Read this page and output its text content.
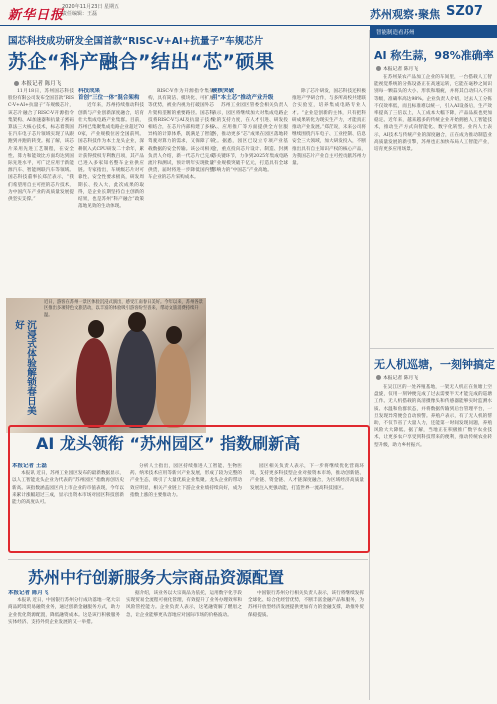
新华日报
2020年11月23日 星期五
责任编辑：王磊	苏州观察·聚焦 SZ07
国芯科技成功研发全国首款“RISC-V+AI+抗量子”车规芯片
苏企“科产融合”结出“芯”硕果
本报记者 陈月飞

11月18日，苏州国芯科技股份有限公司发布全国首款“RISC-V+AI+抗量子”车规级芯片，该芯片融合了RISC-V开源指令集架构、AI加速器和抗量子密码算法三大核心技术，标志着我国在汽车电子芯片领域实现了从跟跑到并跑的转变。据了解，该芯片采用先进工艺制程，在安全性、算力和能效比方面均达到国际先进水平，可广泛应用于新能源汽车、智能网联汽车等领域。国芯科技董事长郑茳表示，“我们希望用自主可控的芯片技术，为中国汽车产业的高质量发展提供坚实支撑。”

科技成果

首创“三位一体”混合架构

近年来，苏州持续推动科技创新与产业创新深度融合，培育壮大集成电路产业集群。目前，苏州已集聚集成电路企业超过700家，产业规模位居全国前列。国芯科技作为本土龙头企业，深耕嵌入式CPU研发二十余年，累计获得授权专利数百项，其产品已进入多家知名整车企业供应链。专家指出，车规级芯片对可靠性、安全性要求极高，研发周期长、投入大，此次成果的取得，是企业长期坚持自主创新的结果，也是苏州“科产融合”政策落地见效的生动体现。

RISC-V作为开源指令集架构，具有简洁、模块化、可扩展等优势，被业内视为打破国外芯片架构垄断的重要路径。国芯科技将RISC-V与AI及抗量子技术相结合，在芯片内部构建了多核异构的计算体系，既满足了智能驾驶对算力的需求，又保障了车载数据的安全传输。该公司相关负责人介绍，新一代芯片已完成流片和测试，预计明年实现批量供货，届时将进一步降低国内整车企业的芯片采购成本。

硬核突破

用“本土芯”推动产业升级

苏州工业园区管委会相关负责人表示，园区将继续加大对集成电路企业的支持力度，在人才引进、研发投入、应用推广等方面提供全方位服务，推动更多“芯”成果在园区落地转化。据悉，园区已设立专项产业基金，重点投向芯片设计、制造、封测等关键环节，力争到2025年集成电路产业规模突破千亿元，打造具有全球影响力的“中国芯”产业高地。

除了芯片研发，国芯科技还积极推进产学研合作，与多所高校共建联合实验室，培养集成电路专业人才。“企业是创新的主体，只有把科研成果转化为现实生产力，才能真正推动产业发展。”郑茳说，未来公司将继续围绕汽车电子、工业控制、信息安全三大领域，加大研发投入，不断推出具有自主知识产权的核心产品，为我国芯片产业自主可控贡献苏州力量。

沉浸式体验解锁春日美好
近日，游客在苏州一景区体验沉浸式演出，感受江南春日美好。今年以来，苏州各景区推出多项特色文旅活动，以丰富的体验吸引游客纷至沓来，带动文旅消费持续升温。
智能制造看苏州
AI 称生蒜，98%准确率
本报记者 陈月飞

在苏州某农产品加工企业的车间里，一台搭载人工智能视觉系统的分拣设备正在高速运转，它能在毫秒之间识别每一颗蒜头的大小、形状和瑕疵，并将其自动归入不同等级，准确率高达98%。企业负责人介绍，过去人工分拣不仅效率低，而且标准难以统一，引入AI设备后，生产效率提高了三倍以上，人工成本大幅下降，产品品质也更加稳定。近年来，越来越多的传统企业开始拥抱人工智能技术，推动生产方式向智能化、数字化转型。业内人士表示，AI技术与传统产业的深度融合，正在成为推动制造业高质量发展的新引擎，苏州也正加快布局人工智能产业，培育更多应用场景。

无人机巡塘，一刻钟搞定
本报记者 陈月飞

在吴江区的一处养殖基地，一架无人机正在鱼塘上空盘旋，仅用一刻钟便完成了过去需要半天才能完成的巡塘工作。无人机搭载的高清摄像头和传感器能够实时监测水质、水温和鱼群状态，并将数据传输到后台管理平台，一旦发现异常便会自动预警。养殖户表示，有了无人机的帮助，不仅节省了大量人力，还能第一时间发现问题，养殖风险大大降低。据了解，当地正在积极推广数字农业技术，让更多农户享受到科技带来的便利，推动传统农业转型升级，助力乡村振兴。

AI 龙头领衔 “苏州园区” 指数刷新高

本报记者 王磊

本报讯 近日，苏州工业园区发布的最新数据显示，以人工智能龙头企业为代表的“苏州园区”指数再创历史新高。该指数涵盖园区内上市企业的市值表现，今年以来累计涨幅超过三成，显示出资本市场对园区科技创新能力的高度认可。

分析人士指出，园区持续推进人工智能、生物医药、纳米技术应用等新兴产业发展，形成了较为完整的产业生态，吸引了大量优质企业集聚。龙头企业的带动效应明显，相关产业链上下游企业业绩持续向好，成为指数上涨的主要推动力。

园区相关负责人表示，下一步将继续优化营商环境，支持更多科技型企业对接资本市场，推动创新链、产业链、资金链、人才链深度融合，为区域经济高质量发展注入更强动能，打造世界一流高科技园区。

苏州中行创新服务大宗商品资源配置

本报记者 陈月飞

本报讯 近日，中国银行苏州分行成功落地一笔大宗商品跨境贸易融资业务，通过创新金融服务方式，助力企业优化资源配置，降低融资成本。这是该行积极服务实体经济、支持外贸企业发展的又一举措。

据介绍，该业务以大宗商品为依托，运用数字化手段实现贸易全流程可视化管理，有效提升了业务办理效率和风险管控能力。企业负责人表示，这笔融资解了燃眉之急，让企业能够更从容地应对国际市场的价格波动。

中国银行苏州分行相关负责人表示，该行将继续发挥全球化、综合化经营优势，不断丰富金融产品和服务，为苏州开放型经济发展提供更加有力的金融支撑，助推外贸保稳提质。
